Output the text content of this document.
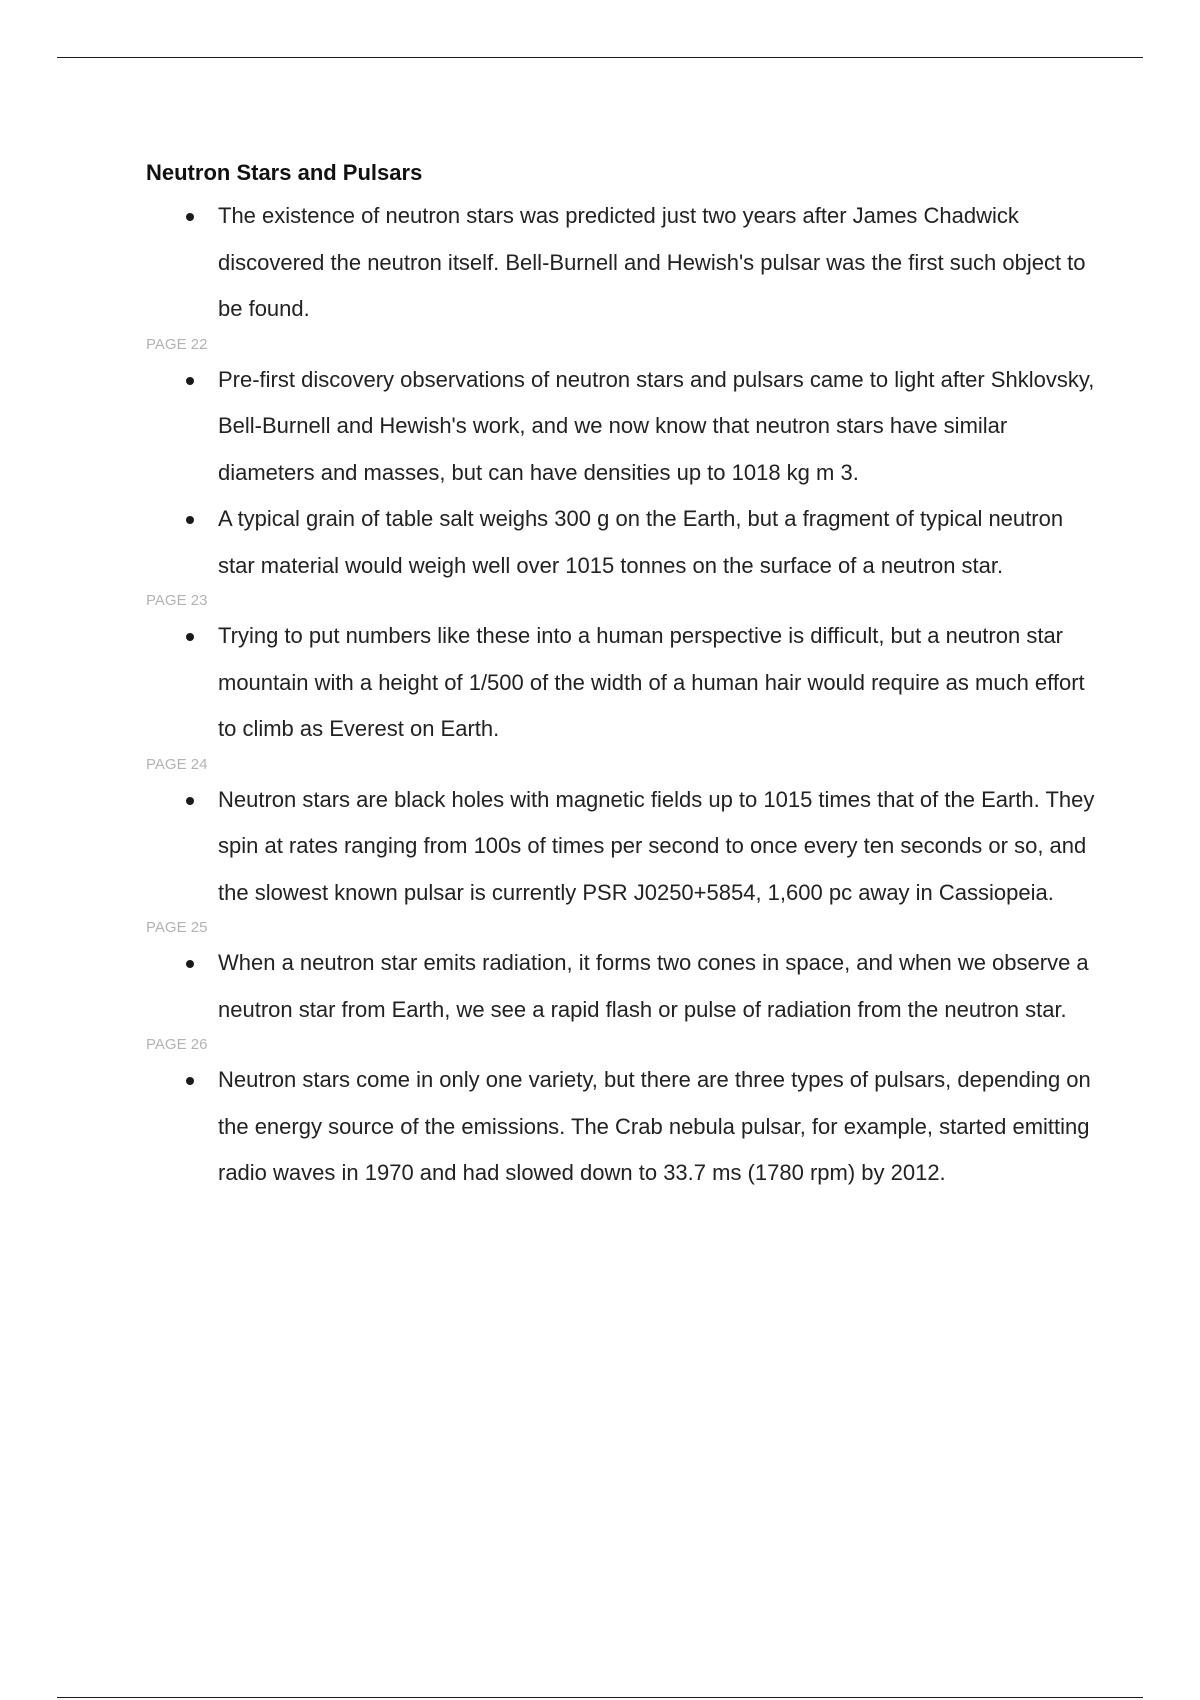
Neutron Stars and Pulsars
The existence of neutron stars was predicted just two years after James Chadwick discovered the neutron itself. Bell-Burnell and Hewish's pulsar was the first such object to be found.
PAGE 22
Pre-first discovery observations of neutron stars and pulsars came to light after Shklovsky, Bell-Burnell and Hewish's work, and we now know that neutron stars have similar diameters and masses, but can have densities up to 1018 kg m 3.
A typical grain of table salt weighs 300 g on the Earth, but a fragment of typical neutron star material would weigh well over 1015 tonnes on the surface of a neutron star.
PAGE 23
Trying to put numbers like these into a human perspective is difficult, but a neutron star mountain with a height of 1/500 of the width of a human hair would require as much effort to climb as Everest on Earth.
PAGE 24
Neutron stars are black holes with magnetic fields up to 1015 times that of the Earth. They spin at rates ranging from 100s of times per second to once every ten seconds or so, and the slowest known pulsar is currently PSR J0250+5854, 1,600 pc away in Cassiopeia.
PAGE 25
When a neutron star emits radiation, it forms two cones in space, and when we observe a neutron star from Earth, we see a rapid flash or pulse of radiation from the neutron star.
PAGE 26
Neutron stars come in only one variety, but there are three types of pulsars, depending on the energy source of the emissions. The Crab nebula pulsar, for example, started emitting radio waves in 1970 and had slowed down to 33.7 ms (1780 rpm) by 2012.
